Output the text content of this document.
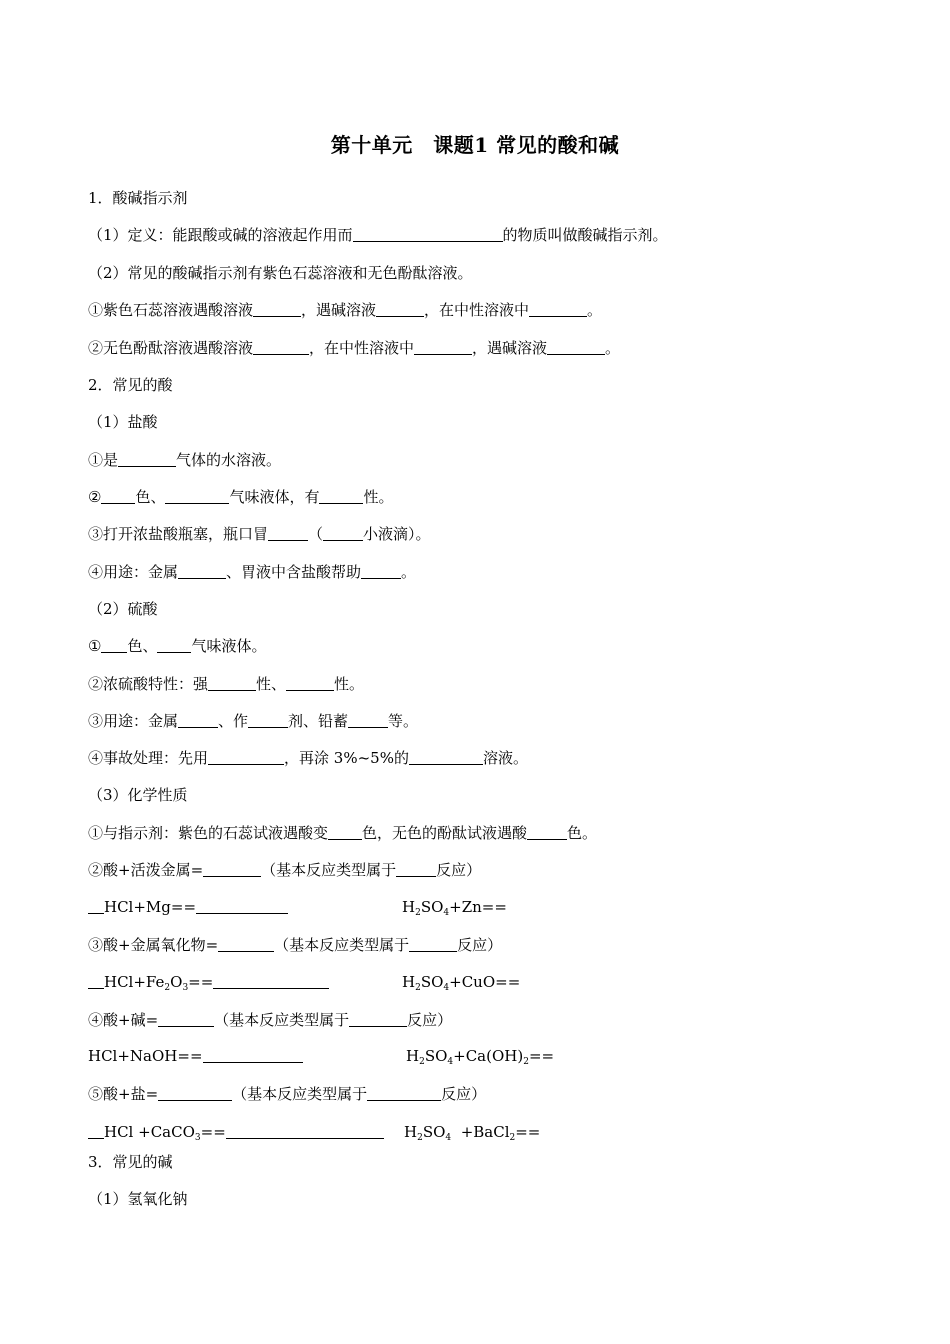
第十单元　课题1 常见的酸和碱
1．酸碱指示剂
（1）定义：能跟酸或碱的溶液起作用而	的物质叫做酸碱指示剂。
（2）常见的酸碱指示剂有紫色石蕊溶液和无色酚酞溶液。
①紫色石蕊溶液遇酸溶液	，遇碱溶液	，在中性溶液中	。
②无色酚酞溶液遇酸溶液	，在中性溶液中	，遇碱溶液	。
2．常见的酸
（1）盐酸
①是	气体的水溶液。
② 色、	气味液体，有	性。
③打开浓盐酸瓶塞，瓶口冒	（	小液滴）。
④用途：金属	、胃液中含盐酸帮助	。
（2）硫酸
① 色、 气味液体。
②浓硫酸特性：强	性、	性。
③用途：金属	、作	剂、铅蓄	等。
④事故处理：先用	，再涂 3%~5%的	溶液。
（3）化学性质
①与指示剂：紫色的石蕊试液遇酸变 色，无色的酚酞试液遇酸	色。
②酸+活泼金属=	（基本反应类型属于	反应）
HCl+Mg==	$H_2SO_4+Zn==$
③酸+金属氧化物=	（基本反应类型属于	反应）
$HCl+Fe_2O_3==$	$H_2SO_4+CuO==$
④酸+碱=	（基本反应类型属于	反应）
HCl+NaOH==	$H_2SO_4+Ca(OH)_2==$
⑤酸+盐=	（基本反应类型属于	反应）
HCl +CaCO$_3$==	$H_2SO_4$ +BaCl$_2$==
3．常见的碱
（1）氢氧化钠
